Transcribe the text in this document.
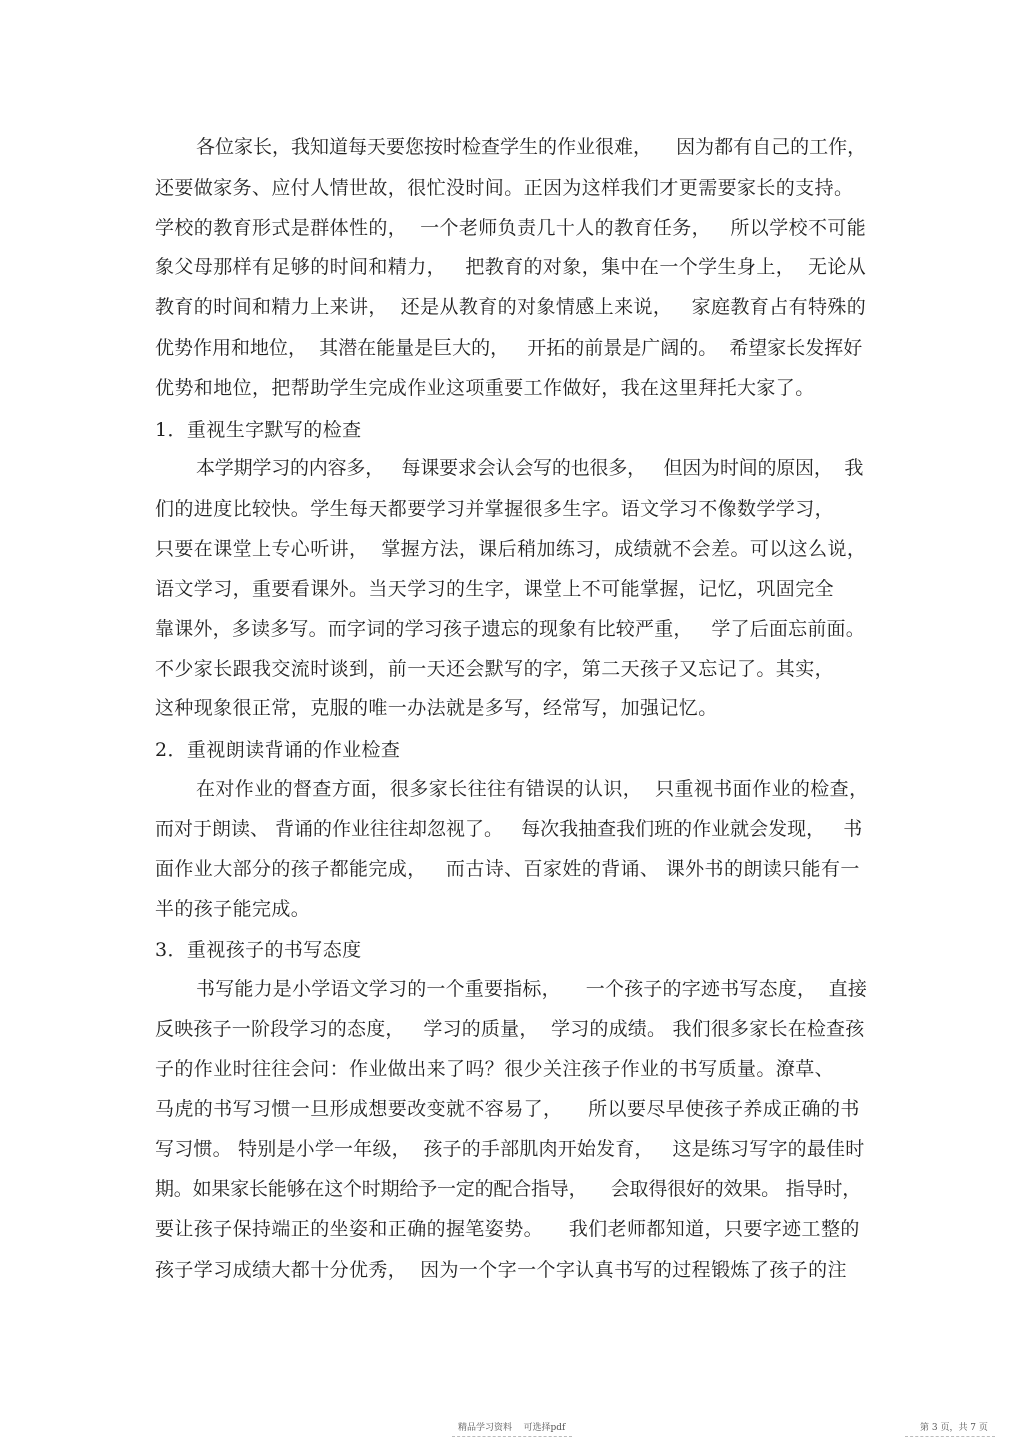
各位家长，我知道每天要您按时检查学生的作业很难，    因为都有自己的工作，
还要做家务、应付人情世故，很忙没时间。正因为这样我们才更需要家长的支持。
学校的教育形式是群体性的，  一个老师负责几十人的教育任务，   所以学校不可能
象父母那样有足够的时间和精力，   把教育的对象，集中在一个学生身上，  无论从
教育的时间和精力上来讲，  还是从教育的对象情感上来说，   家庭教育占有特殊的
优势作用和地位，  其潜在能量是巨大的，   开拓的前景是广阔的。  希望家长发挥好
优势和地位，把帮助学生完成作业这项重要工作做好，我在这里拜托大家了。
1．重视生字默写的检查
本学期学习的内容多，   每课要求会认会写的也很多，   但因为时间的原因，  我
们的进度比较快。学生每天都要学习并掌握很多生字。语文学习不像数学学习，
只要在课堂上专心听讲，  掌握方法，课后稍加练习，成绩就不会差。可以这么说，
语文学习，重要看课外。当天学习的生字，课堂上不可能掌握，记忆，巩固完全
靠课外，多读多写。而字词的学习孩子遗忘的现象有比较严重，   学了后面忘前面。
不少家长跟我交流时谈到，前一天还会默写的字，第二天孩子又忘记了。其实，
这种现象很正常，克服的唯一办法就是多写，经常写，加强记忆。
2．重视朗读背诵的作业检查
在对作业的督查方面，很多家长往往有错误的认识，  只重视书面作业的检查，
而对于朗读、 背诵的作业往往却忽视了。   每次我抽查我们班的作业就会发现，   书
面作业大部分的孩子都能完成，   而古诗、百家姓的背诵、 课外书的朗读只能有一
半的孩子能完成。
3．重视孩子的书写态度
书写能力是小学语文学习的一个重要指标，    一个孩子的字迹书写态度，  直接
反映孩子一阶段学习的态度，   学习的质量，  学习的成绩。 我们很多家长在检查孩
子的作业时往往会问：作业做出来了吗？很少关注孩子作业的书写质量。潦草、
马虎的书写习惯一旦形成想要改变就不容易了，    所以要尽早使孩子养成正确的书
写习惯。 特别是小学一年级，  孩子的手部肌肉开始发育，   这是练习写字的最佳时
期。如果家长能够在这个时期给予一定的配合指导，    会取得很好的效果。 指导时，
要让孩子保持端正的坐姿和正确的握笔姿势。    我们老师都知道，只要字迹工整的
孩子学习成绩大都十分优秀，  因为一个字一个字认真书写的过程锻炼了孩子的注
精品学习资料    可选择pdf	第 3 页，共 7 页
